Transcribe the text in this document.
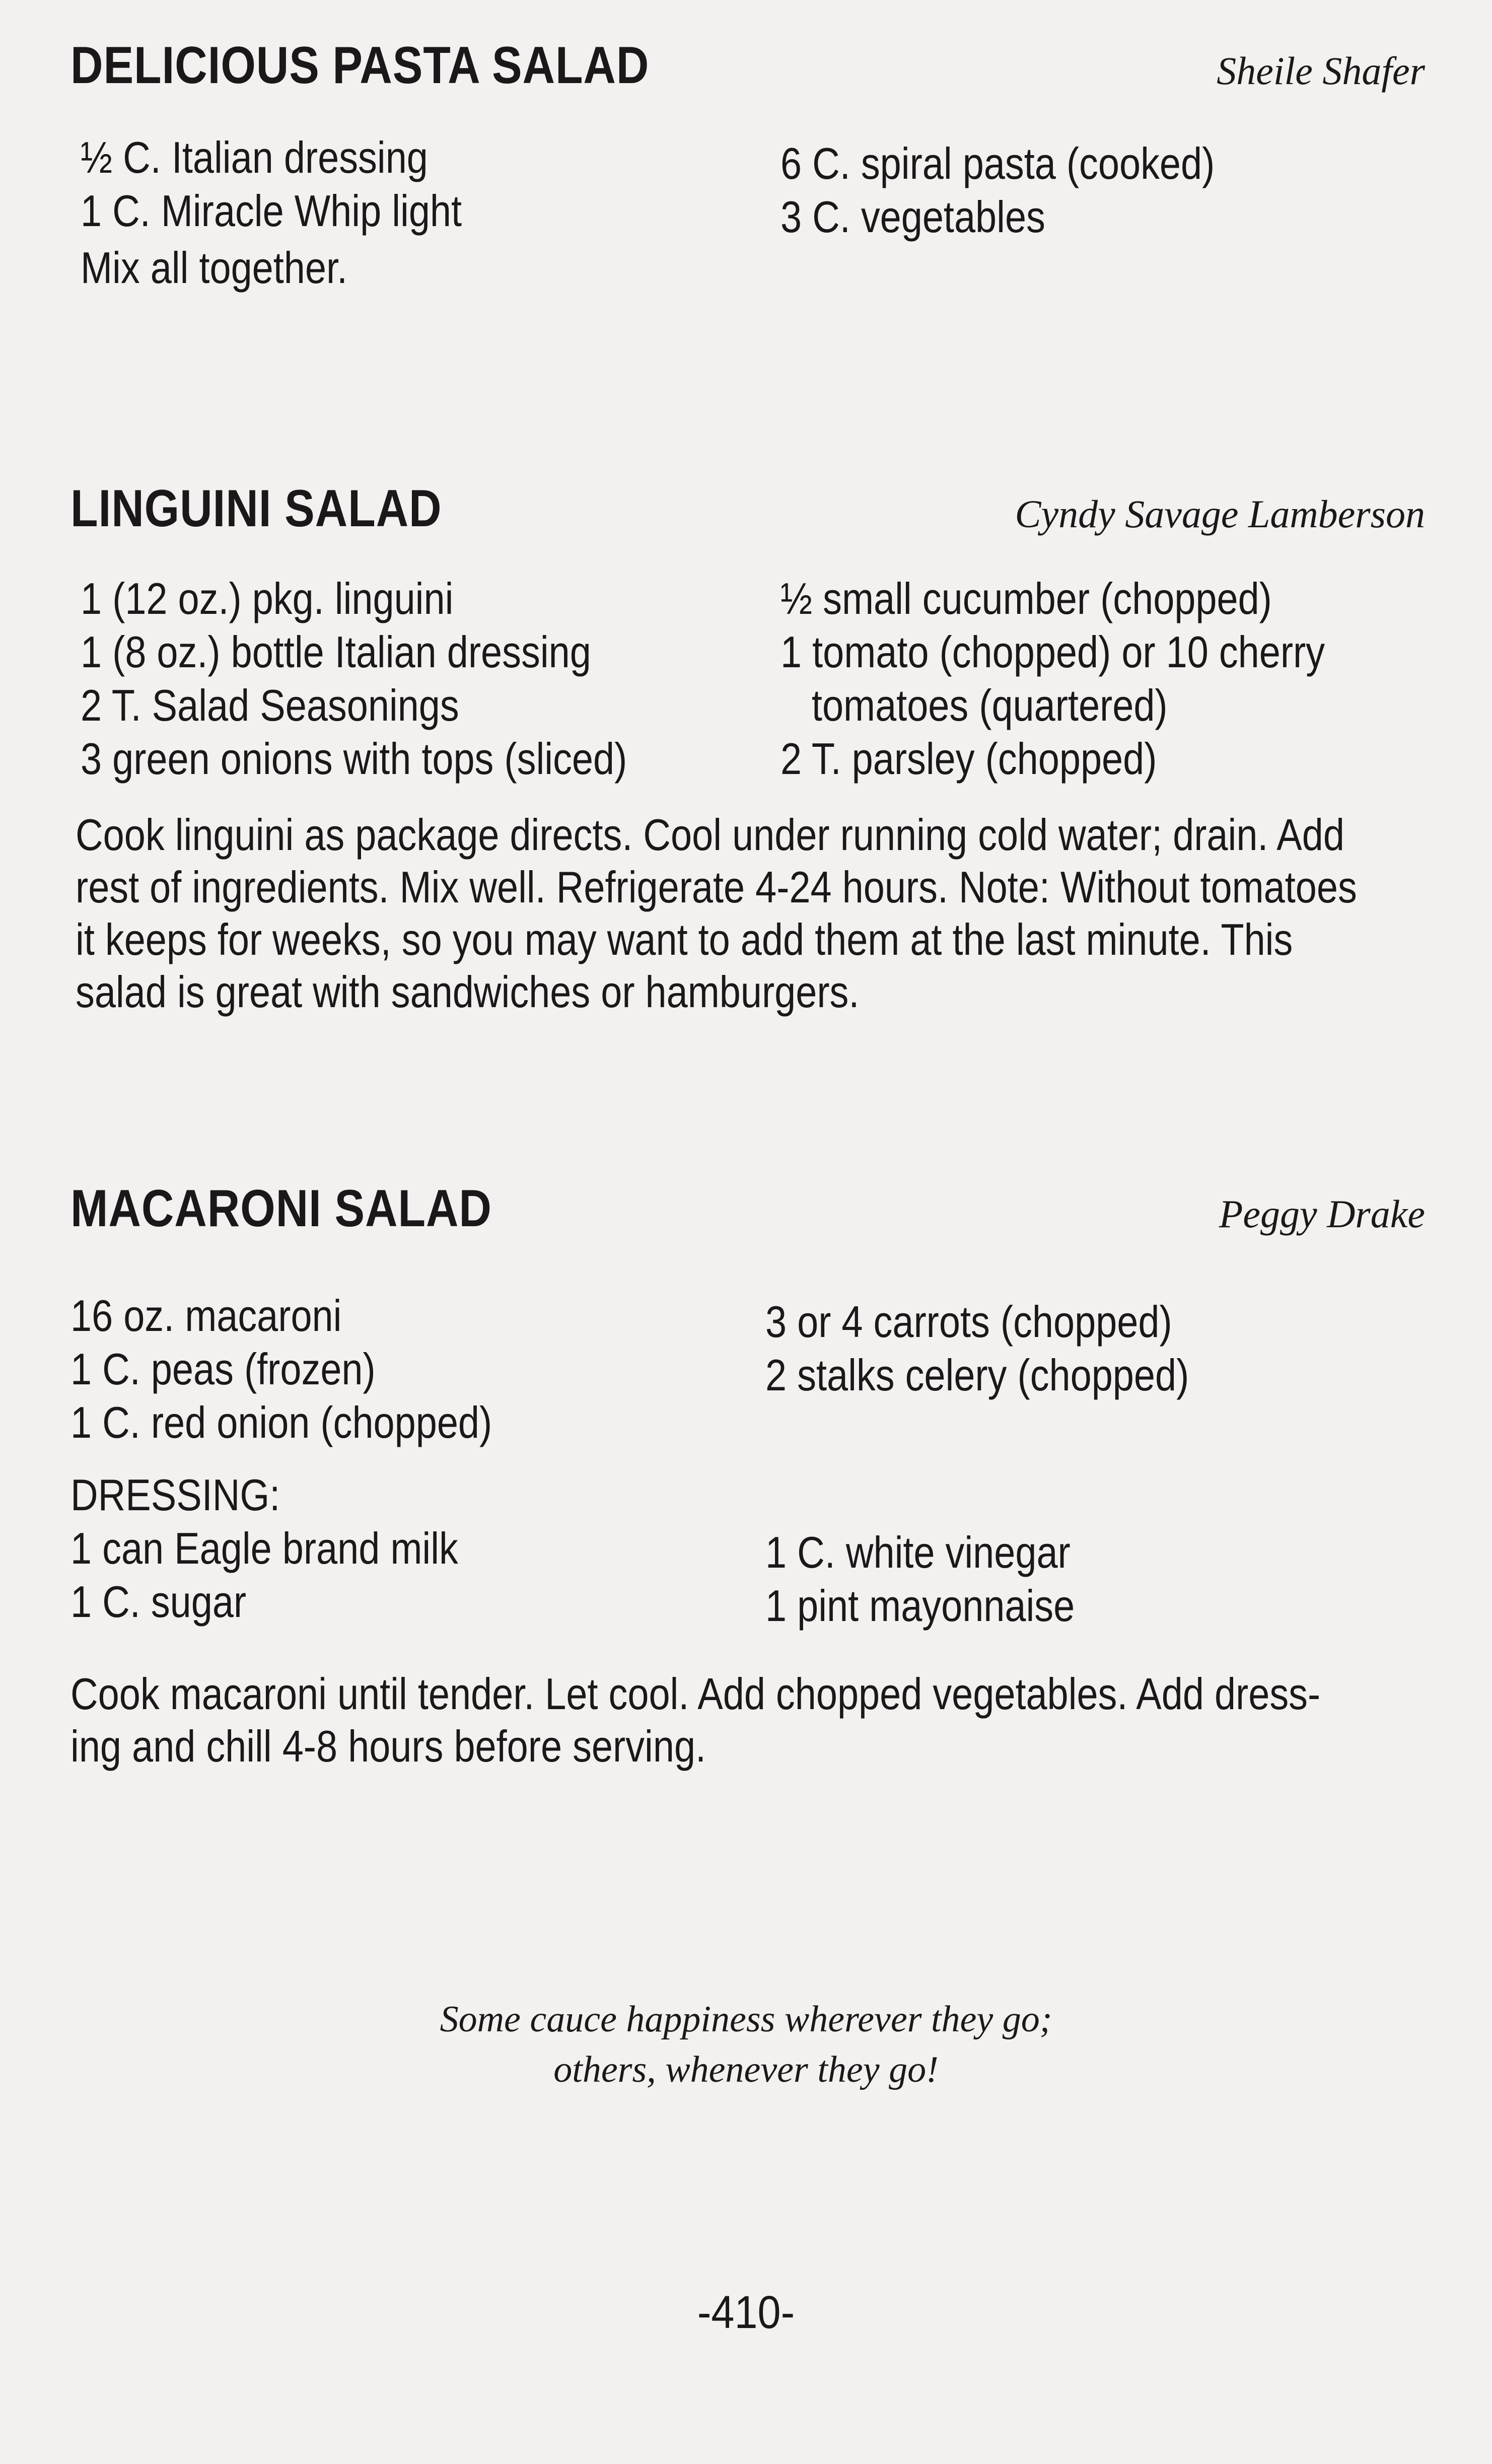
DELICIOUS PASTA SALAD	Sheile Shafer
½ C. Italian dressing
1 C. Miracle Whip light
6 C. spiral pasta (cooked)
3 C. vegetables
Mix all together.
LINGUINI SALAD	Cyndy Savage Lamberson
1 (12 oz.) pkg. linguini
1 (8 oz.) bottle Italian dressing
2 T. Salad Seasonings
3 green onions with tops (sliced)
½ small cucumber (chopped)
1 tomato (chopped) or 10 cherry
tomatoes (quartered)
2 T. parsley (chopped)
Cook linguini as package directs. Cool under running cold water; drain. Add
rest of ingredients. Mix well. Refrigerate 4-24 hours. Note: Without tomatoes
it keeps for weeks, so you may want to add them at the last minute. This
salad is great with sandwiches or hamburgers.
MACARONI SALAD	Peggy Drake
16 oz. macaroni
1 C. peas (frozen)
1 C. red onion (chopped)
3 or 4 carrots (chopped)
2 stalks celery (chopped)
DRESSING:
1 can Eagle brand milk
1 C. sugar
1 C. white vinegar
1 pint mayonnaise
Cook macaroni until tender. Let cool. Add chopped vegetables. Add dress-
ing and chill 4-8 hours before serving.
Some cauce happiness wherever they go;
others, whenever they go!
-410-
